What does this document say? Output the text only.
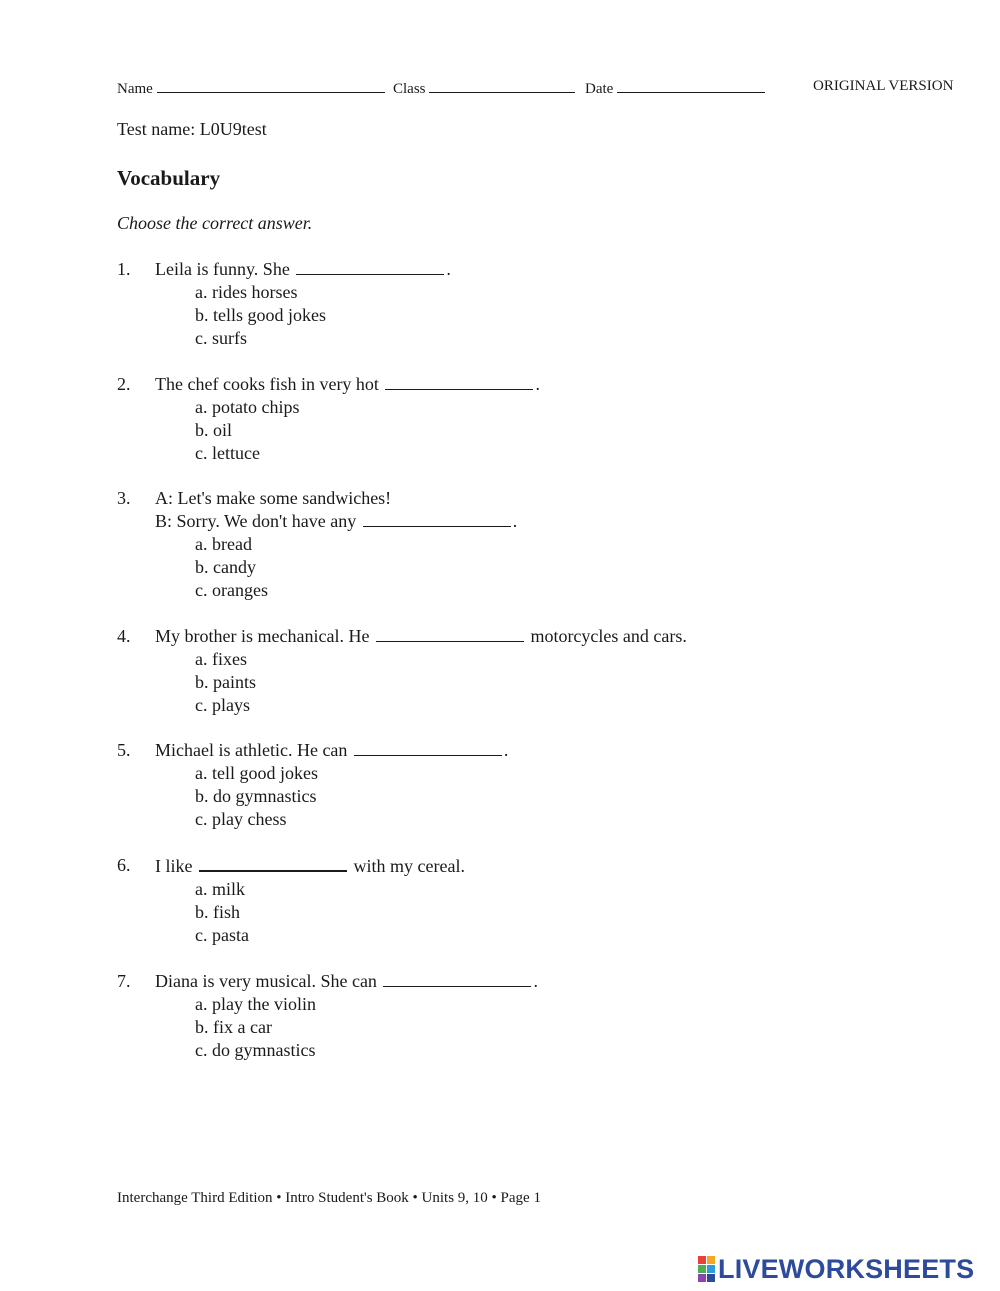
Name	Class	Date	ORIGINAL VERSION
Test name: L0U9test
Vocabulary
Choose the correct answer.
1.	Leila is funny. She	.
a. rides horses
b. tells good jokes
c. surfs
2.	The chef cooks fish in very hot	.
a. potato chips
b. oil
c. lettuce
3.	A: Let's make some sandwiches!
B: Sorry. We don't have any	.
a. bread
b. candy
c. oranges
4.	My brother is mechanical. He	motorcycles and cars.
a. fixes
b. paints
c. plays
5.	Michael is athletic. He can	.
a. tell good jokes
b. do gymnastics
c. play chess
6.	I like	with my cereal.
a. milk
b. fish
c. pasta
7.	Diana is very musical. She can	.
a. play the violin
b. fix a car
c. do gymnastics
Interchange Third Edition • Intro Student's Book • Units 9, 10 • Page 1
LIVEWORKSHEETS
